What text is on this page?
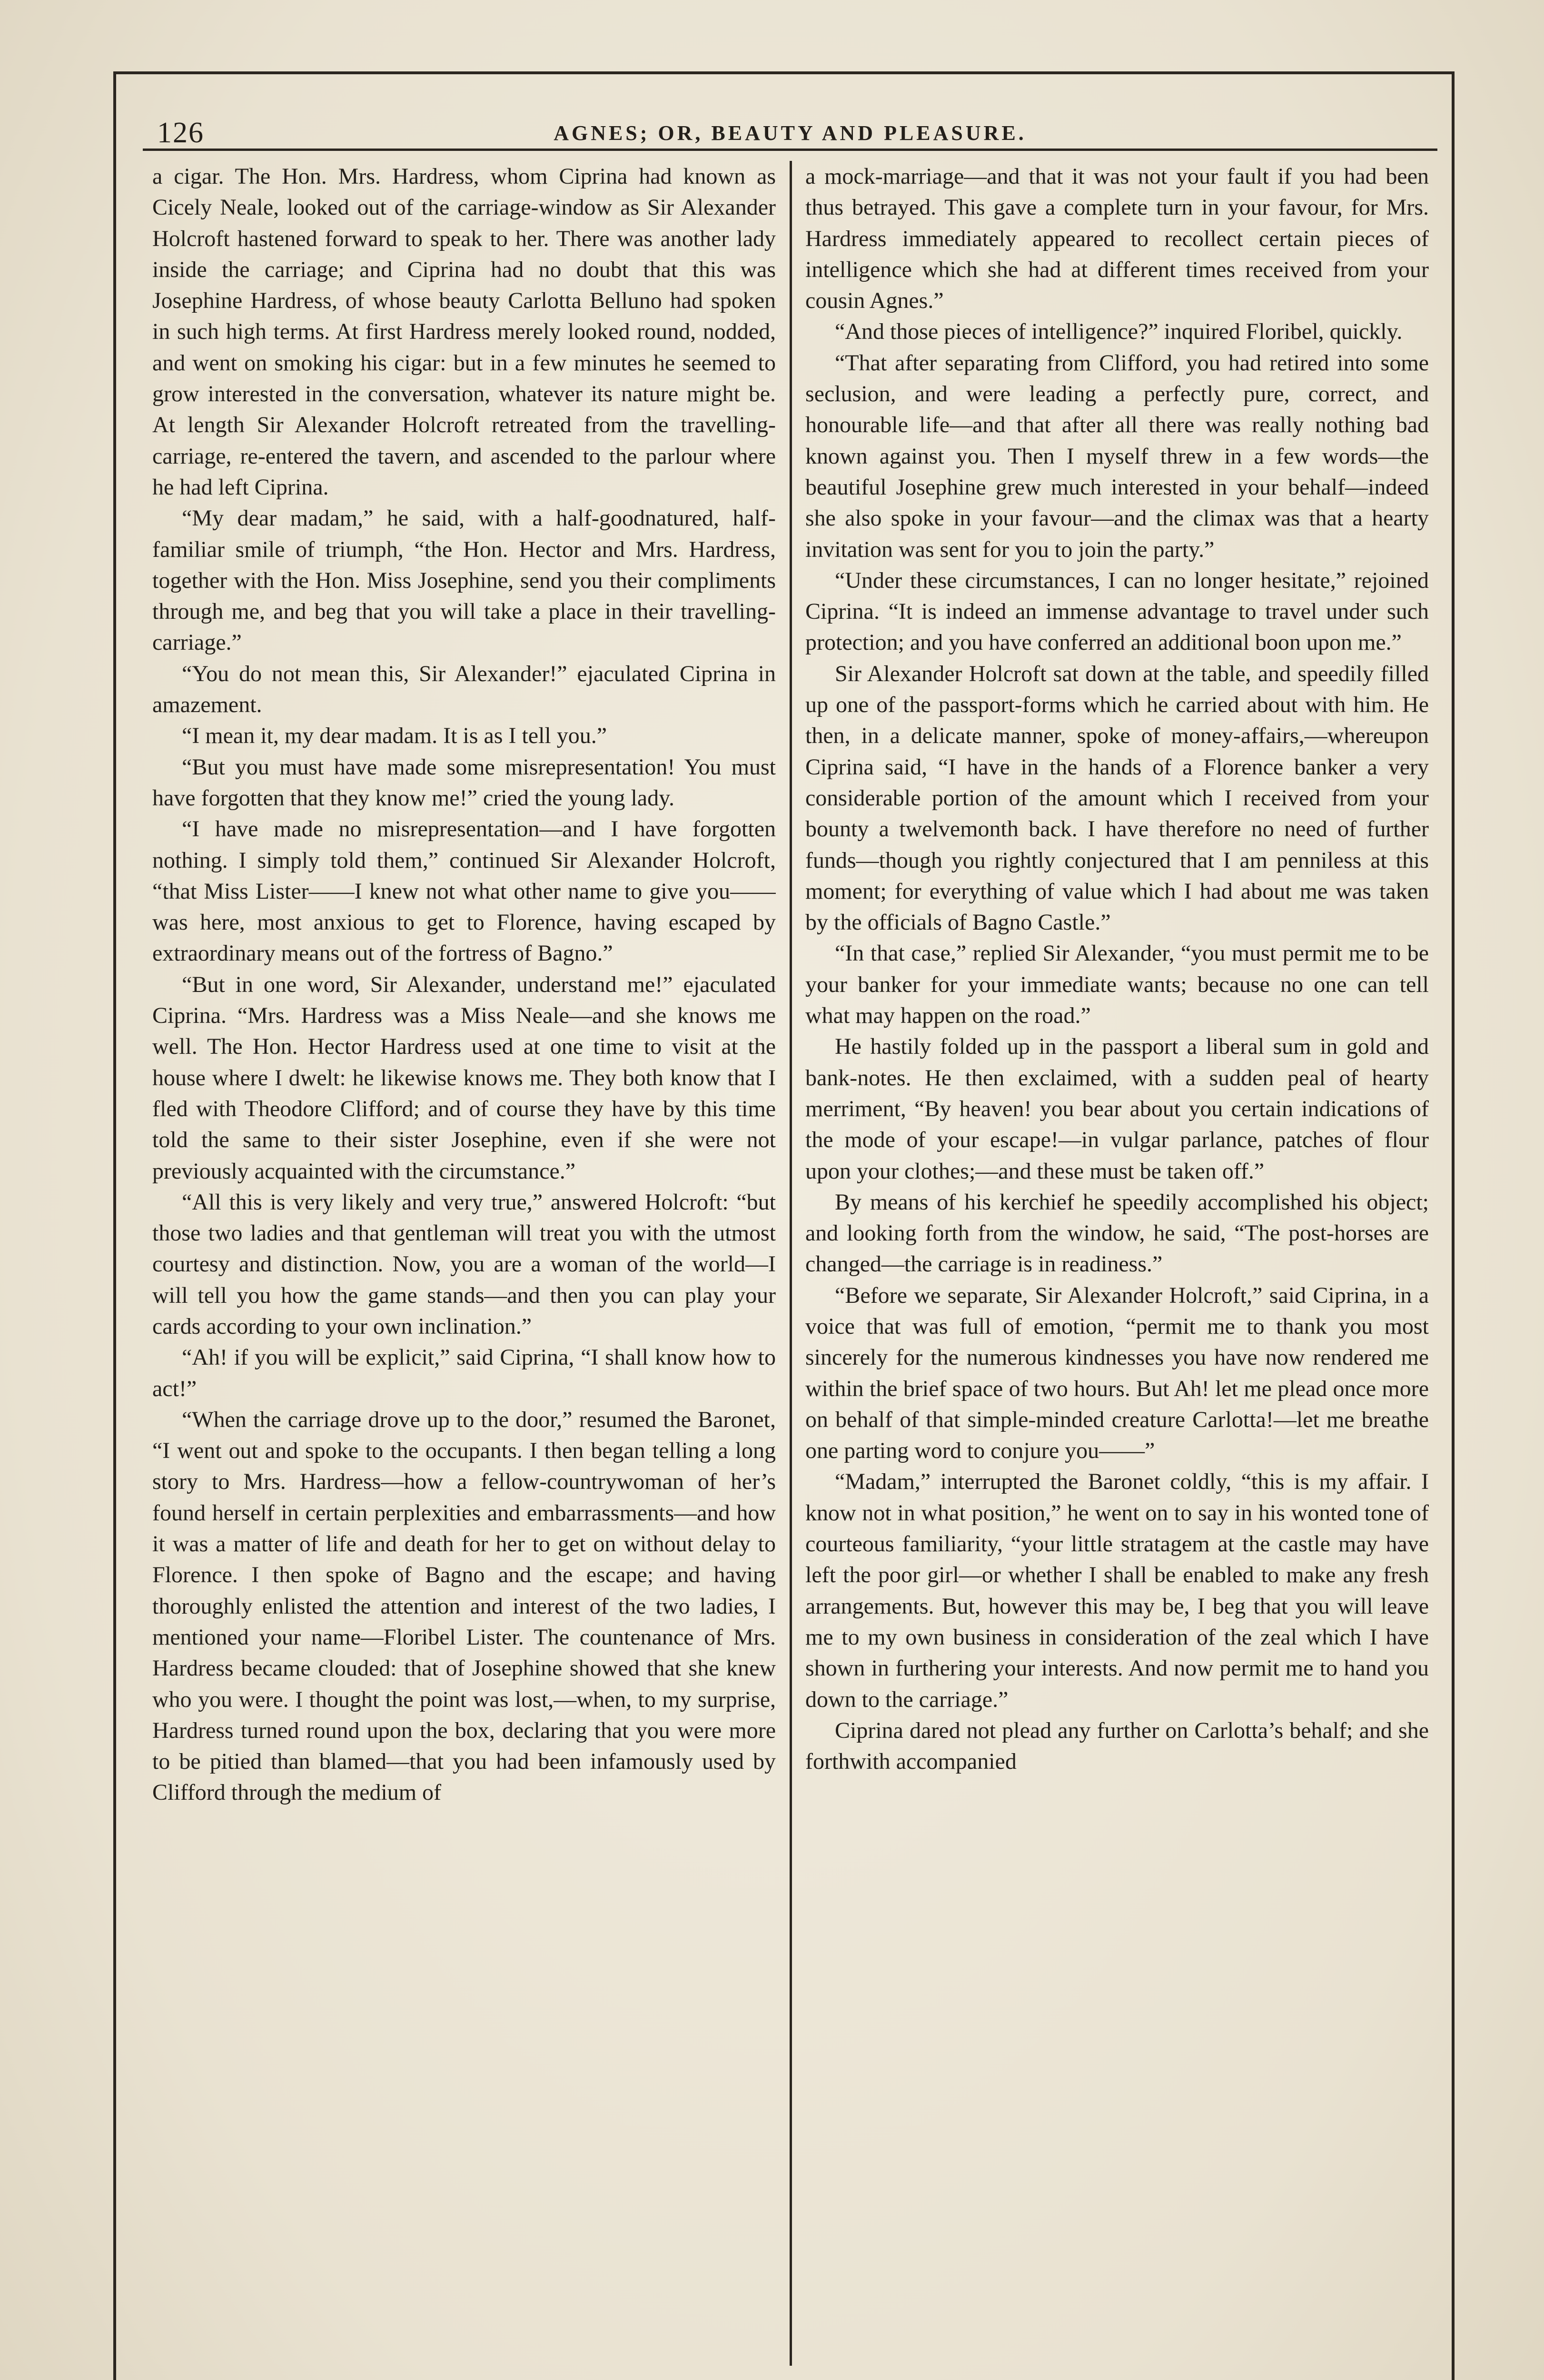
126	AGNES; OR, BEAUTY AND PLEASURE.

a cigar. The Hon. Mrs. Hardress, whom Ciprina had known as Cicely Neale, looked out of the carriage-window as Sir Alexander Holcroft hastened forward to speak to her. There was another lady inside the carriage; and Ciprina had no doubt that this was Josephine Hardress, of whose beauty Carlotta Belluno had spoken in such high terms. At first Hardress merely looked round, nodded, and went on smoking his cigar: but in a few minutes he seemed to grow interested in the conversation, whatever its nature might be. At length Sir Alexander Holcroft retreated from the travelling-carriage, re-entered the tavern, and ascended to the parlour where he had left Ciprina.

“My dear madam,” he said, with a half-goodnatured, half-familiar smile of triumph, “the Hon. Hector and Mrs. Hardress, together with the Hon. Miss Josephine, send you their compliments through me, and beg that you will take a place in their travelling-carriage.”

“You do not mean this, Sir Alexander!” ejaculated Ciprina in amazement.

“I mean it, my dear madam. It is as I tell you.”

“But you must have made some misrepresentation! You must have forgotten that they know me!” cried the young lady.

“I have made no misrepresentation—and I have forgotten nothing. I simply told them,” continued Sir Alexander Holcroft, “that Miss Lister——I knew not what other name to give you——was here, most anxious to get to Florence, having escaped by extraordinary means out of the fortress of Bagno.”

“But in one word, Sir Alexander, understand me!” ejaculated Ciprina. “Mrs. Hardress was a Miss Neale—and she knows me well. The Hon. Hector Hardress used at one time to visit at the house where I dwelt: he likewise knows me. They both know that I fled with Theodore Clifford; and of course they have by this time told the same to their sister Josephine, even if she were not previously acquainted with the circumstance.”

“All this is very likely and very true,” answered Holcroft: “but those two ladies and that gentleman will treat you with the utmost courtesy and distinction. Now, you are a woman of the world—I will tell you how the game stands—and then you can play your cards according to your own inclination.”

“Ah! if you will be explicit,” said Ciprina, “I shall know how to act!”

“When the carriage drove up to the door,” resumed the Baronet, “I went out and spoke to the occupants. I then began telling a long story to Mrs. Hardress—how a fellow-countrywoman of her’s found herself in certain perplexities and embarrassments—and how it was a matter of life and death for her to get on without delay to Florence. I then spoke of Bagno and the escape; and having thoroughly enlisted the attention and interest of the two ladies, I mentioned your name—Floribel Lister. The countenance of Mrs. Hardress became clouded: that of Josephine showed that she knew who you were. I thought the point was lost,—when, to my surprise, Hardress turned round upon the box, declaring that you were more to be pitied than blamed—that you had been infamously used by Clifford through the medium of

a mock-marriage—and that it was not your fault if you had been thus betrayed. This gave a complete turn in your favour, for Mrs. Hardress immediately appeared to recollect certain pieces of intelligence which she had at different times received from your cousin Agnes.”

“And those pieces of intelligence?” inquired Floribel, quickly.

“That after separating from Clifford, you had retired into some seclusion, and were leading a perfectly pure, correct, and honourable life—and that after all there was really nothing bad known against you. Then I myself threw in a few words—the beautiful Josephine grew much interested in your behalf—indeed she also spoke in your favour—and the climax was that a hearty invitation was sent for you to join the party.”

“Under these circumstances, I can no longer hesitate,” rejoined Ciprina. “It is indeed an immense advantage to travel under such protection; and you have conferred an additional boon upon me.”

Sir Alexander Holcroft sat down at the table, and speedily filled up one of the passport-forms which he carried about with him. He then, in a delicate manner, spoke of money-affairs,—whereupon Ciprina said, “I have in the hands of a Florence banker a very considerable portion of the amount which I received from your bounty a twelvemonth back. I have therefore no need of further funds—though you rightly conjectured that I am penniless at this moment; for everything of value which I had about me was taken by the officials of Bagno Castle.”

“In that case,” replied Sir Alexander, “you must permit me to be your banker for your immediate wants; because no one can tell what may happen on the road.”

He hastily folded up in the passport a liberal sum in gold and bank-notes. He then exclaimed, with a sudden peal of hearty merriment, “By heaven! you bear about you certain indications of the mode of your escape!—in vulgar parlance, patches of flour upon your clothes;—and these must be taken off.”

By means of his kerchief he speedily accomplished his object; and looking forth from the window, he said, “The post-horses are changed—the carriage is in readiness.”

“Before we separate, Sir Alexander Holcroft,” said Ciprina, in a voice that was full of emotion, “permit me to thank you most sincerely for the numerous kindnesses you have now rendered me within the brief space of two hours. But Ah! let me plead once more on behalf of that simple-minded creature Carlotta!—let me breathe one parting word to conjure you——”

“Madam,” interrupted the Baronet coldly, “this is my affair. I know not in what position,” he went on to say in his wonted tone of courteous familiarity, “your little stratagem at the castle may have left the poor girl—or whether I shall be enabled to make any fresh arrangements. But, however this may be, I beg that you will leave me to my own business in consideration of the zeal which I have shown in furthering your interests. And now permit me to hand you down to the carriage.”

Ciprina dared not plead any further on Carlotta’s behalf; and she forthwith accompanied
